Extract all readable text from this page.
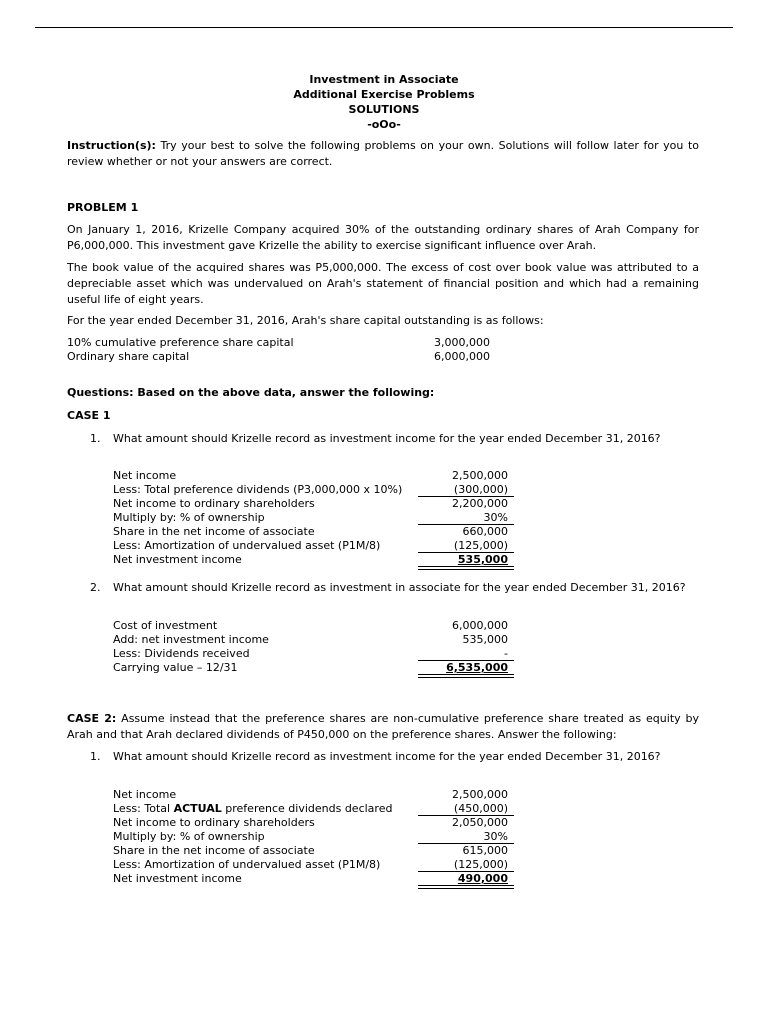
Investment in Associate
Additional Exercise Problems
SOLUTIONS
-oOo-

Instruction(s): Try your best to solve the following problems on your own. Solutions will follow later for you to review whether or not your answers are correct.

PROBLEM 1

On January 1, 2016, Krizelle Company acquired 30% of the outstanding ordinary shares of Arah Company for P6,000,000. This investment gave Krizelle the ability to exercise significant influence over Arah.

The book value of the acquired shares was P5,000,000. The excess of cost over book value was attributed to a depreciable asset which was undervalued on Arah's statement of financial position and which had a remaining useful life of eight years.

For the year ended December 31, 2016, Arah's share capital outstanding is as follows:

10% cumulative preference share capital	3,000,000
Ordinary share capital	6,000,000
Questions: Based on the above data, answer the following:
CASE 1
1. What amount should Krizelle record as investment income for the year ended December 31, 2016?
Net income	2,500,000
Less: Total preference dividends (P3,000,000 x 10%)	(300,000)
Net income to ordinary shareholders	2,200,000
Multiply by: % of ownership	30%
Share in the net income of associate	660,000
Less: Amortization of undervalued asset (P1M/8)	(125,000)
Net investment income	535,000
2. What amount should Krizelle record as investment in associate for the year ended December 31, 2016?
Cost of investment	6,000,000
Add: net investment income	535,000
Less: Dividends received	-
Carrying value – 12/31	6,535,000

CASE 2: Assume instead that the preference shares are non-cumulative preference share treated as equity by Arah and that Arah declared dividends of P450,000 on the preference shares. Answer the following:

1. What amount should Krizelle record as investment income for the year ended December 31, 2016?
Net income	2,500,000
Less: Total ACTUAL preference dividends declared	(450,000)
Net income to ordinary shareholders	2,050,000
Multiply by: % of ownership	30%
Share in the net income of associate	615,000
Less: Amortization of undervalued asset (P1M/8)	(125,000)
Net investment income	490,000
